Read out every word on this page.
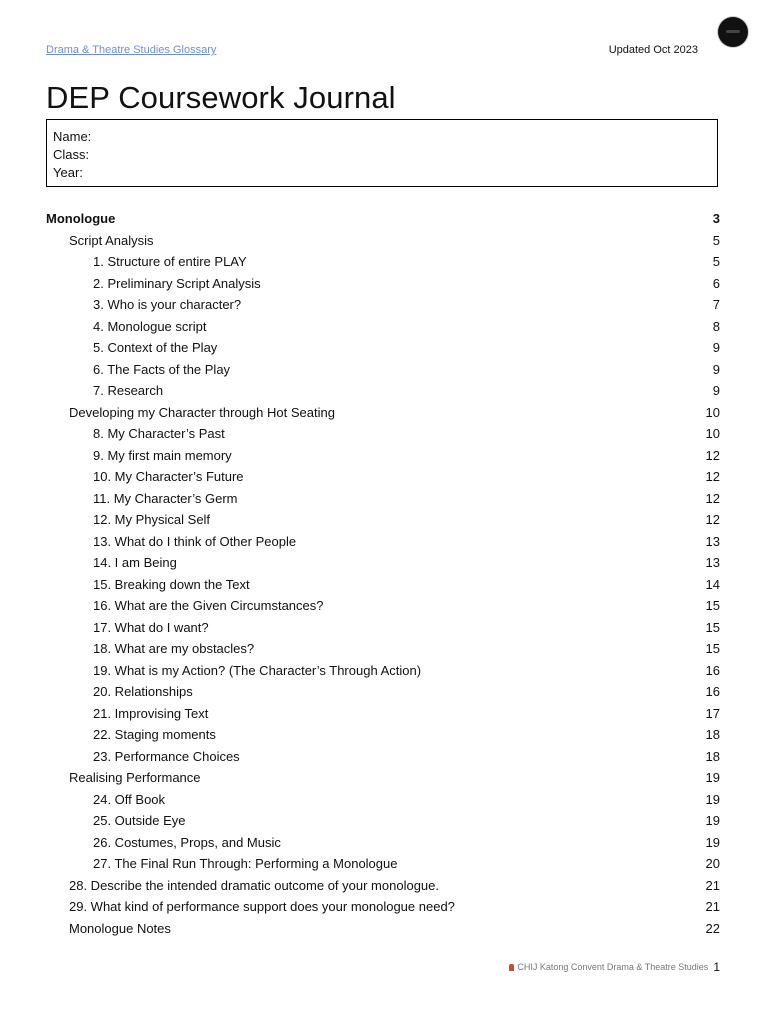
Drama & Theatre Studies Glossary	Updated Oct 2023
DEP Coursework Journal
Name:
Class:
Year:
Monologue	3
Script Analysis	5
1. Structure of entire PLAY	5
2. Preliminary Script Analysis	6
3. Who is your character?	7
4. Monologue script	8
5. Context of the Play	9
6. The Facts of the Play	9
7. Research	9
Developing my Character through Hot Seating	10
8. My Character’s Past	10
9. My first main memory	12
10. My Character’s Future	12
11. My Character’s Germ	12
12. My Physical Self	12
13. What do I think of Other People	13
14. I am Being	13
15. Breaking down the Text	14
16. What are the Given Circumstances?	15
17. What do I want?	15
18. What are my obstacles?	15
19. What is my Action? (The Character’s Through Action)	16
20. Relationships	16
21. Improvising Text	17
22. Staging moments	18
23. Performance Choices	18
Realising Performance	19
24. Off Book	19
25. Outside Eye	19
26. Costumes, Props, and Music	19
27. The Final Run Through: Performing a Monologue	20
28. Describe the intended dramatic outcome of your monologue.	21
29. What kind of performance support does your monologue need?	21
Monologue Notes	22
CHIJ Katong Convent Drama & Theatre Studies 1
